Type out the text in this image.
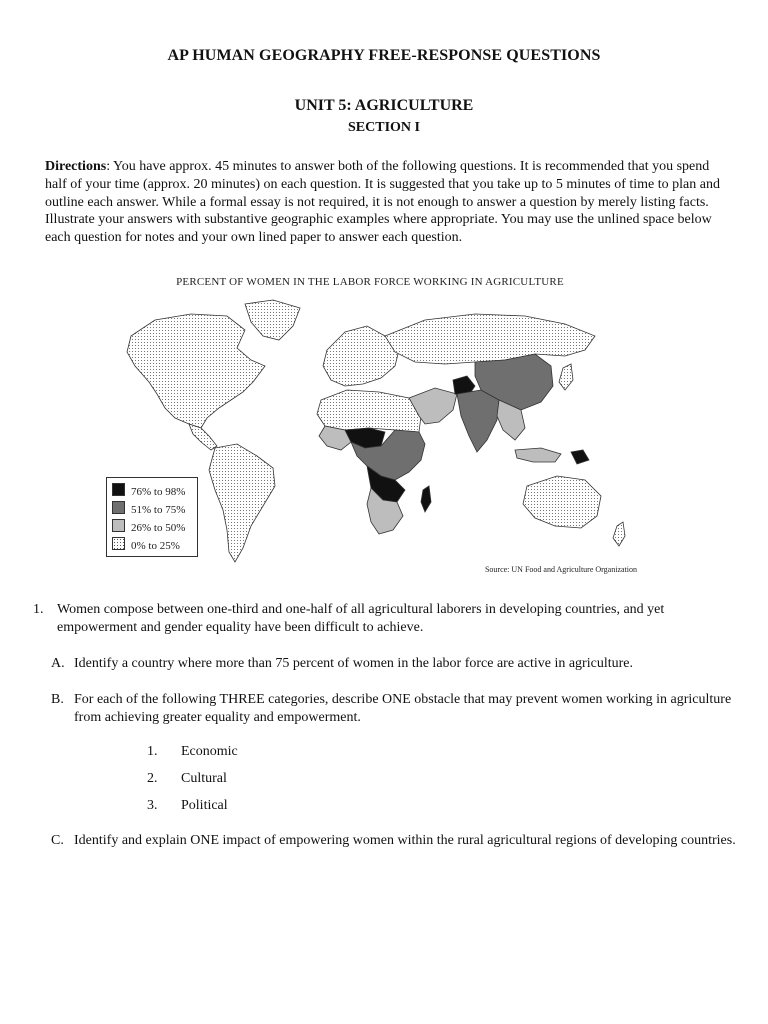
AP HUMAN GEOGRAPHY FREE-RESPONSE QUESTIONS
UNIT 5: AGRICULTURE
SECTION I
Directions: You have approx. 45 minutes to answer both of the following questions. It is recommended that you spend half of your time (approx. 20 minutes) on each question. It is suggested that you take up to 5 minutes of time to plan and outline each answer. While a formal essay is not required, it is not enough to answer a question by merely listing facts. Illustrate your answers with substantive geographic examples where appropriate. You may use the unlined space below each question for notes and your own lined paper to answer each question.
PERCENT OF WOMEN IN THE LABOR FORCE WORKING IN AGRICULTURE
76% to 98%
51% to 75%
26% to 50%
0% to 25%
Source: UN Food and Agriculture Organization
1. Women compose between one-third and one-half of all agricultural laborers in developing countries, and yet empowerment and gender equality have been difficult to achieve.
A. Identify a country where more than 75 percent of women in the labor force are active in agriculture.
B. For each of the following THREE categories, describe ONE obstacle that may prevent women working in agriculture from achieving greater equality and empowerment.
1. Economic
2. Cultural
3. Political
C. Identify and explain ONE impact of empowering women within the rural agricultural regions of developing countries.
